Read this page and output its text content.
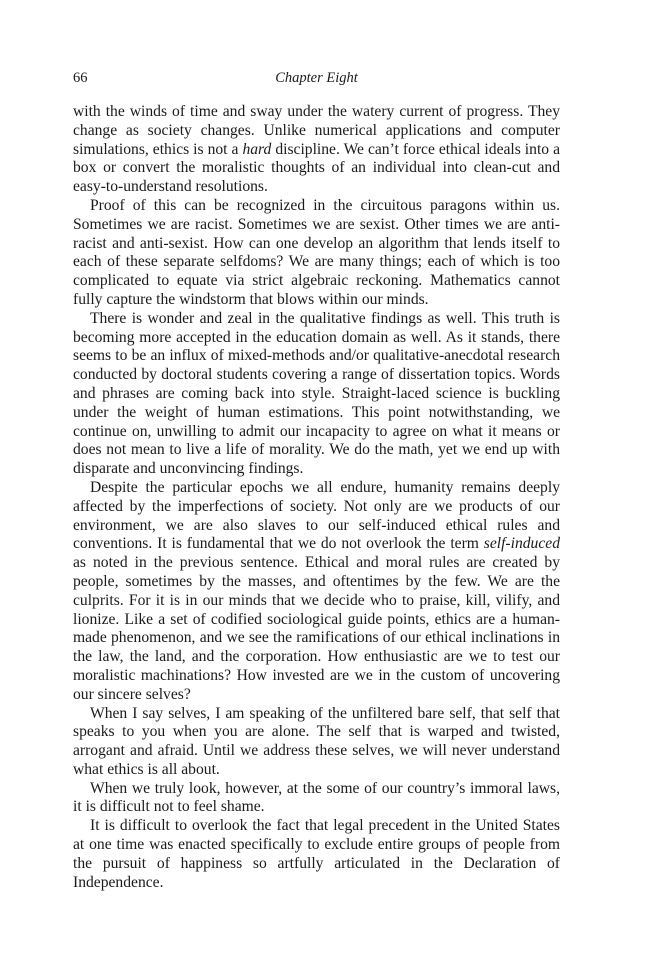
66	Chapter Eight

with the winds of time and sway under the watery current of progress. They change as society changes. Unlike numerical applications and computer simulations, ethics is not a hard discipline. We can’t force ethical ideals into a box or convert the moralistic thoughts of an individual into clean-cut and easy-to-understand resolutions.

Proof of this can be recognized in the circuitous paragons within us. Sometimes we are racist. Sometimes we are sexist. Other times we are anti-racist and anti-sexist. How can one develop an algorithm that lends itself to each of these separate selfdoms? We are many things; each of which is too complicated to equate via strict algebraic reckoning. Mathematics cannot fully capture the windstorm that blows within our minds.

There is wonder and zeal in the qualitative findings as well. This truth is becoming more accepted in the education domain as well. As it stands, there seems to be an influx of mixed-methods and/or qualitative-anecdotal research conducted by doctoral students covering a range of dissertation topics. Words and phrases are coming back into style. Straight-laced science is buckling under the weight of human estimations. This point notwithstanding, we continue on, unwilling to admit our incapacity to agree on what it means or does not mean to live a life of morality. We do the math, yet we end up with disparate and unconvincing findings.

Despite the particular epochs we all endure, humanity remains deeply affected by the imperfections of society. Not only are we products of our environment, we are also slaves to our self-induced ethical rules and conventions. It is fundamental that we do not overlook the term self-induced as noted in the previous sentence. Ethical and moral rules are created by people, sometimes by the masses, and oftentimes by the few. We are the culprits. For it is in our minds that we decide who to praise, kill, vilify, and lionize. Like a set of codified sociological guide points, ethics are a human-made phenomenon, and we see the ramifications of our ethical inclinations in the law, the land, and the corporation. How enthusiastic are we to test our moralistic machinations? How invested are we in the custom of uncovering our sincere selves?

When I say selves, I am speaking of the unfiltered bare self, that self that speaks to you when you are alone. The self that is warped and twisted, arrogant and afraid. Until we address these selves, we will never understand what ethics is all about.

When we truly look, however, at the some of our country’s immoral laws, it is difficult not to feel shame.

It is difficult to overlook the fact that legal precedent in the United States at one time was enacted specifically to exclude entire groups of people from the pursuit of happiness so artfully articulated in the Declaration of Independence.
